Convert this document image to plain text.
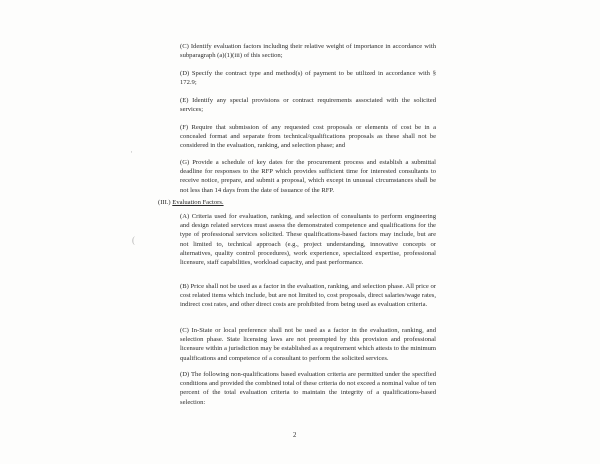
(C) Identify evaluation factors including their relative weight of importance in accordance with subparagraph (a)(1)(iii) of this section;

(D) Specify the contract type and method(s) of payment to be utilized in accordance with § 172.9;

(E) Identify any special provisions or contract requirements associated with the solicited services;

(F) Require that submission of any requested cost proposals or elements of cost be in a concealed format and separate from technical/qualifications proposals as these shall not be considered in the evaluation, ranking, and selection phase; and

(G) Provide a schedule of key dates for the procurement process and establish a submittal deadline for responses to the RFP which provides sufficient time for interested consultants to receive notice, prepare, and submit a proposal, which except in unusual circumstances shall be not less than 14 days from the date of issuance of the RFP.

(III.) Evaluation Factors.

(A) Criteria used for evaluation, ranking, and selection of consultants to perform engineering and design related services must assess the demonstrated competence and qualifications for the type of professional services solicited. These qualifications-based factors may include, but are not limited to, technical approach (e.g., project understanding, innovative concepts or alternatives, quality control procedures), work experience, specialized expertise, professional licensure, staff capabilities, workload capacity, and past performance.

(B) Price shall not be used as a factor in the evaluation, ranking, and selection phase. All price or cost related items which include, but are not limited to, cost proposals, direct salaries/wage rates, indirect cost rates, and other direct costs are prohibited from being used as evaluation criteria.

(C) In-State or local preference shall not be used as a factor in the evaluation, ranking, and selection phase. State licensing laws are not preempted by this provision and professional licensure within a jurisdiction may be established as a requirement which attests to the minimum qualifications and competence of a consultant to perform the solicited services.

(D) The following non-qualifications based evaluation criteria are permitted under the specified conditions and provided the combined total of these criteria do not exceed a nominal value of ten percent of the total evaluation criteria to maintain the integrity of a qualifications-based selection:

2
·
(
